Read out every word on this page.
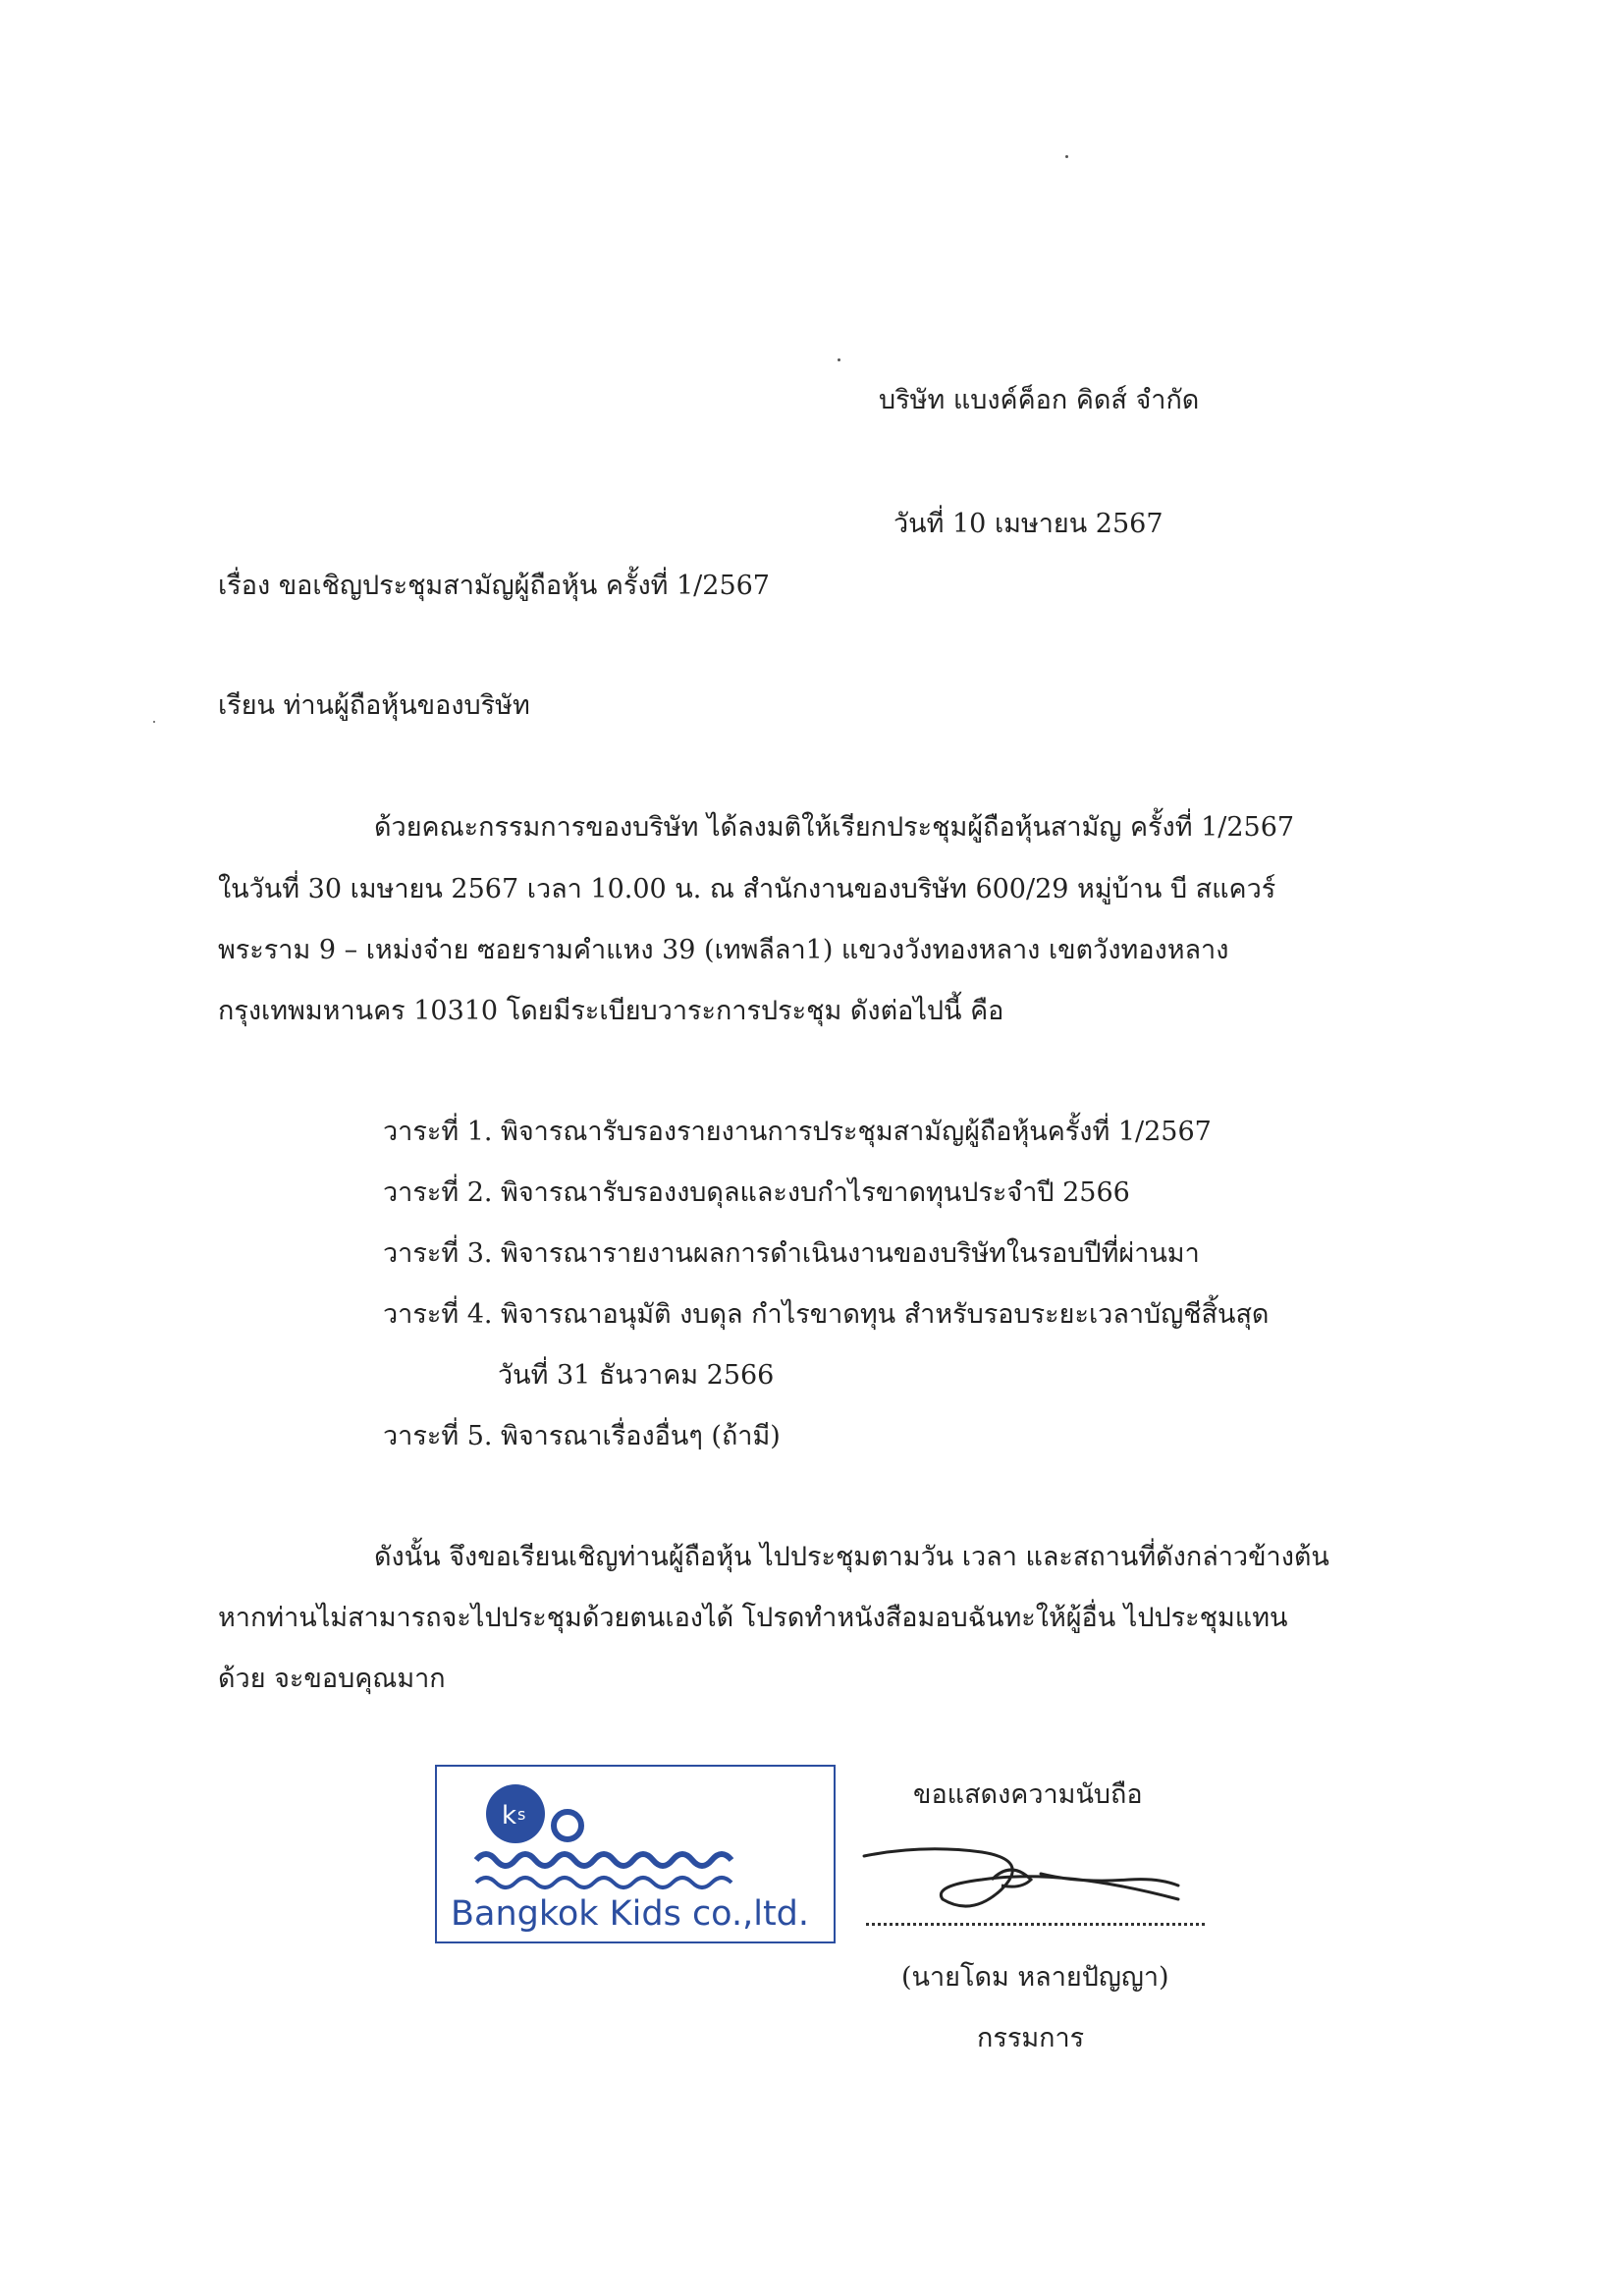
บริษัท แบงค์ค็อก คิดส์ จำกัด
วันที่ 10 เมษายน 2567
เรื่อง ขอเชิญประชุมสามัญผู้ถือหุ้น ครั้งที่ 1/2567
เรียน ท่านผู้ถือหุ้นของบริษัท
ด้วยคณะกรรมการของบริษัท ได้ลงมติให้เรียกประชุมผู้ถือหุ้นสามัญ ครั้งที่ 1/2567
ในวันที่ 30 เมษายน 2567 เวลา 10.00 น. ณ สำนักงานของบริษัท 600/29 หมู่บ้าน บี สแควร์
พระราม 9 – เหม่งจ๋าย ซอยรามคำแหง 39 (เทพลีลา1) แขวงวังทองหลาง เขตวังทองหลาง
กรุงเทพมหานคร 10310 โดยมีระเบียบวาระการประชุม ดังต่อไปนี้ คือ
วาระที่ 1. พิจารณารับรองรายงานการประชุมสามัญผู้ถือหุ้นครั้งที่ 1/2567
วาระที่ 2. พิจารณารับรองงบดุลและงบกำไรขาดทุนประจำปี 2566
วาระที่ 3. พิจารณารายงานผลการดำเนินงานของบริษัทในรอบปีที่ผ่านมา
วาระที่ 4. พิจารณาอนุมัติ งบดุล กำไรขาดทุน สำหรับรอบระยะเวลาบัญชีสิ้นสุด
วันที่ 31 ธันวาคม 2566
วาระที่ 5. พิจารณาเรื่องอื่นๆ (ถ้ามี)
ดังนั้น จึงขอเรียนเชิญท่านผู้ถือหุ้น ไปประชุมตามวัน เวลา และสถานที่ดังกล่าวข้างต้น
หากท่านไม่สามารถจะไปประชุมด้วยตนเองได้ โปรดทำหนังสือมอบฉันทะให้ผู้อื่น ไปประชุมแทน
ด้วย จะขอบคุณมาก
k s
Bangkok Kids co.,ltd.
ขอแสดงความนับถือ
(นายโดม หลายปัญญา)
กรรมการ
